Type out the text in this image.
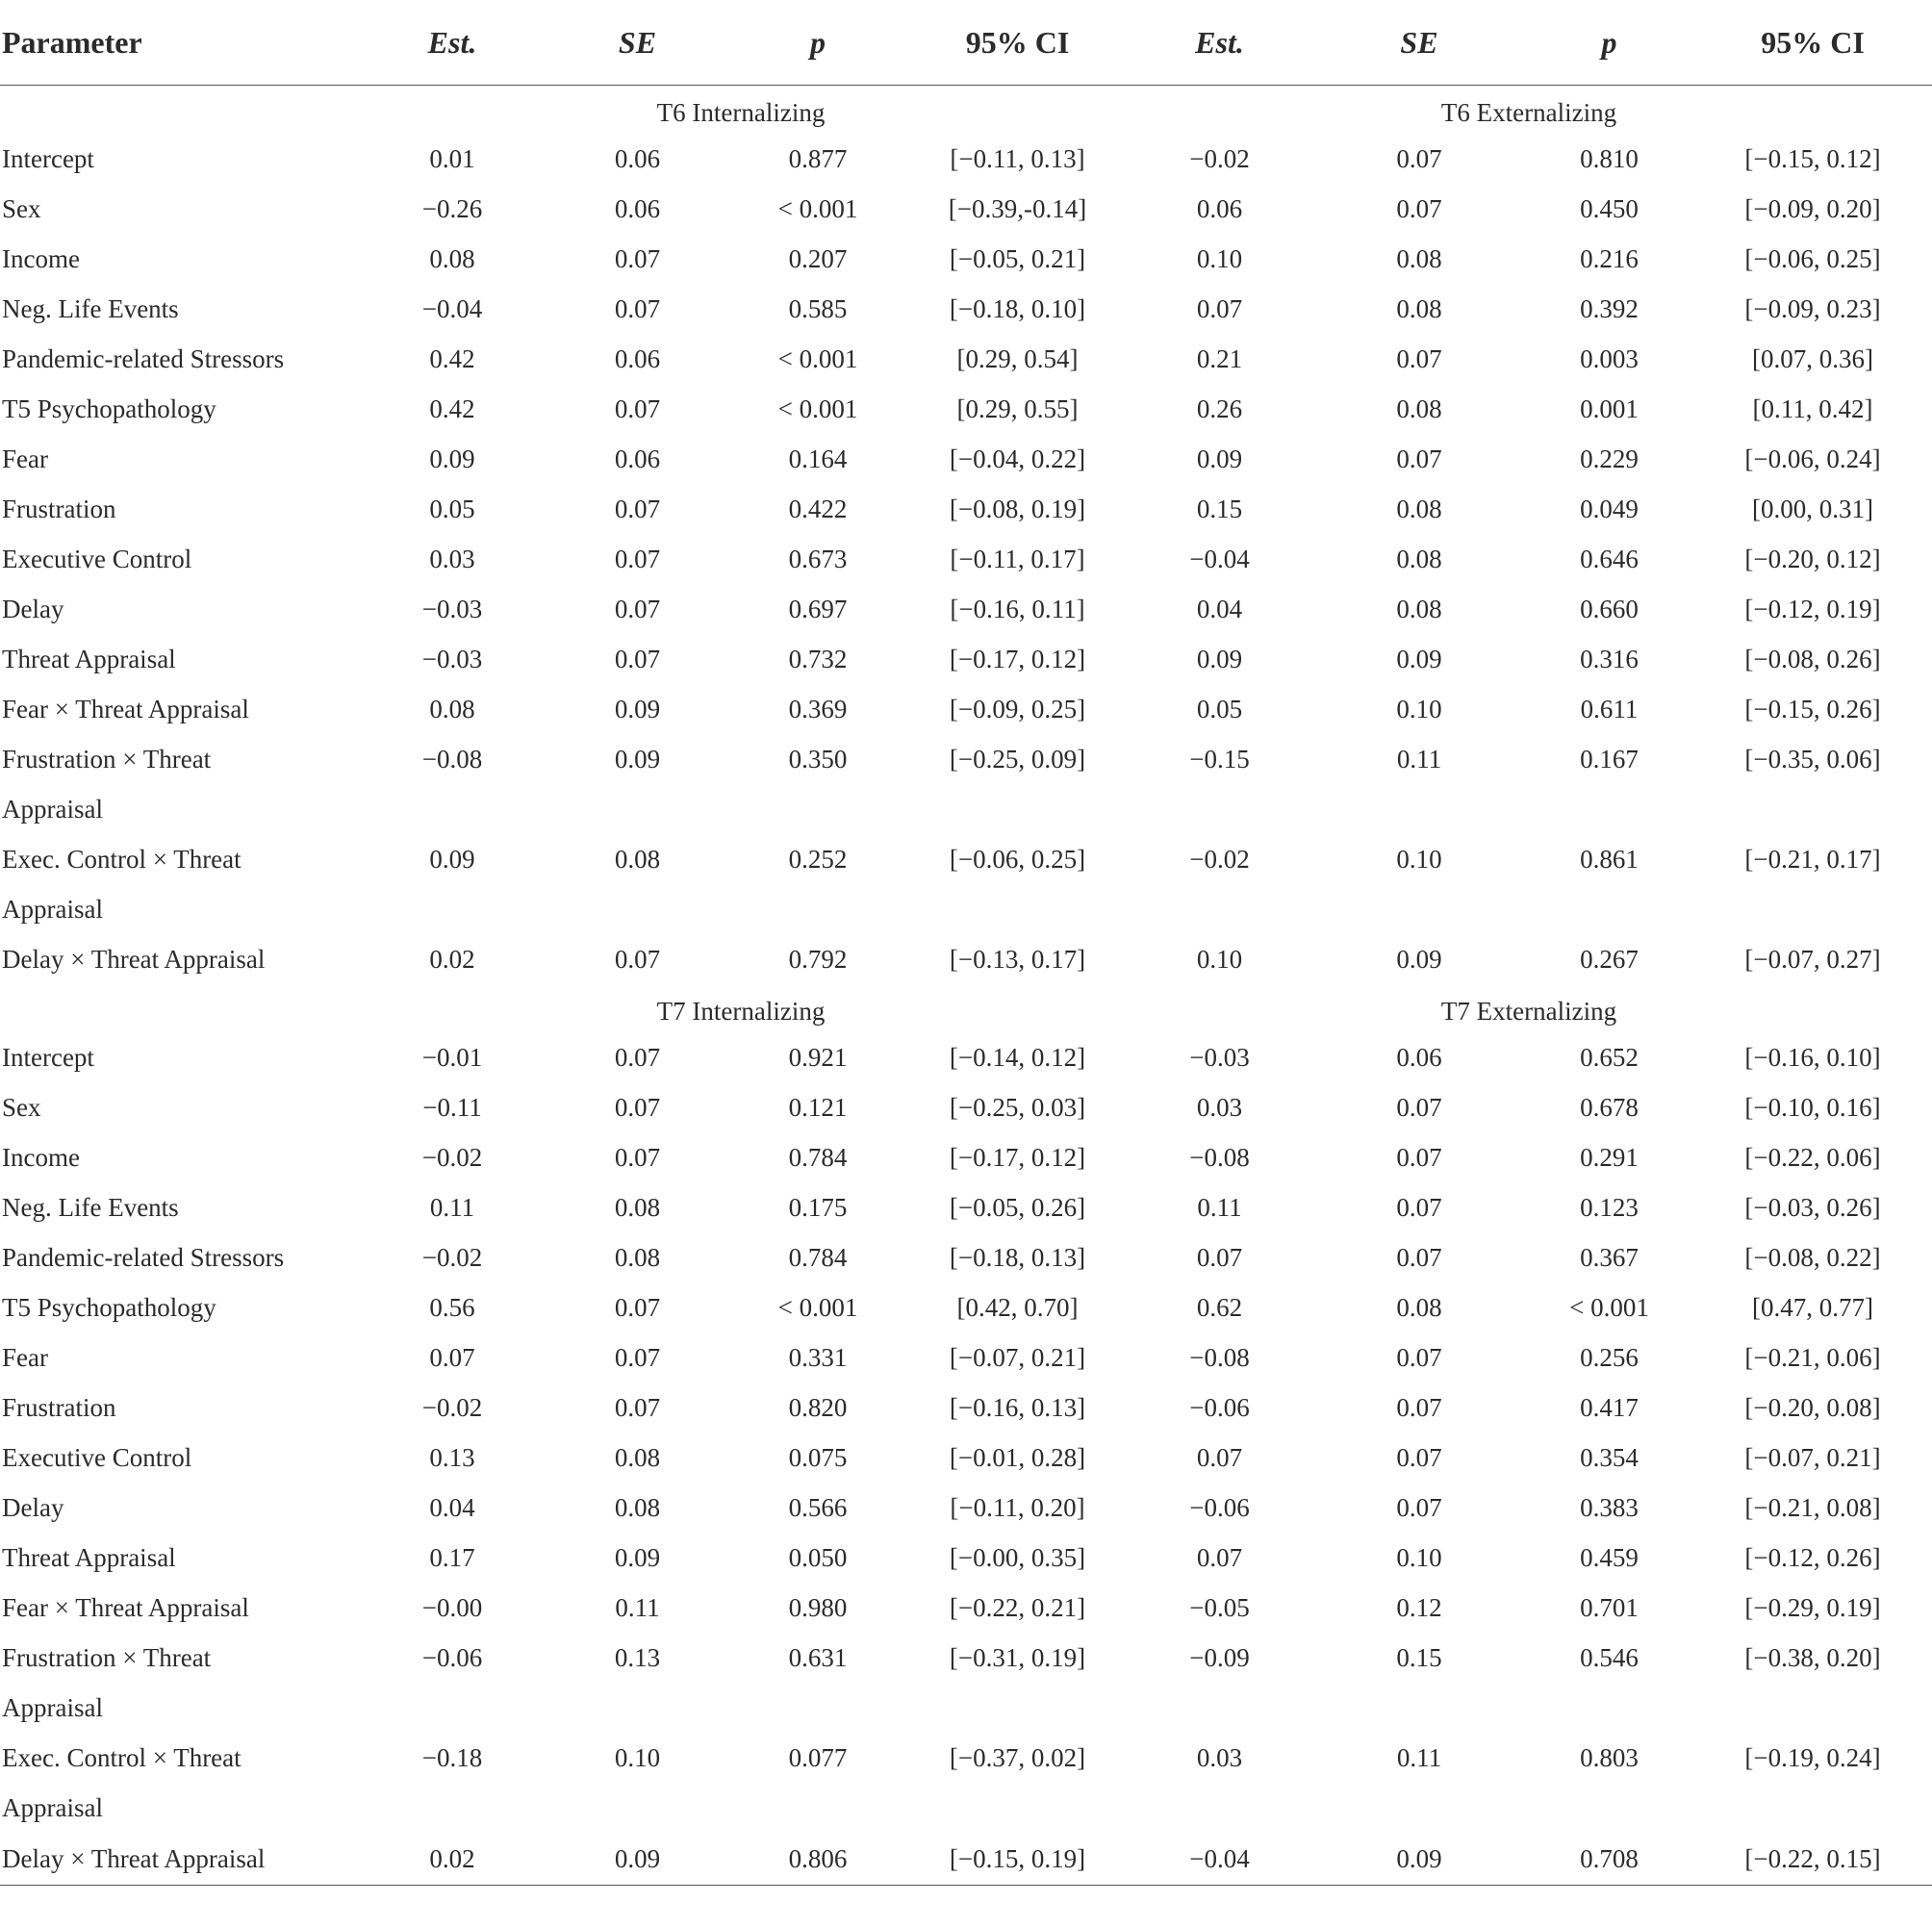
Parameter	Est.	SE	p	95% CI	Est.	SE	p	95% CI
	T6 Internalizing				T6 Externalizing			
Intercept	0.01	0.06	0.877	[−0.11, 0.13]	−0.02	0.07	0.810	[−0.15, 0.12]
Sex	−0.26	0.06	< 0.001	[−0.39,-0.14]	0.06	0.07	0.450	[−0.09, 0.20]
Income	0.08	0.07	0.207	[−0.05, 0.21]	0.10	0.08	0.216	[−0.06, 0.25]
Neg. Life Events	−0.04	0.07	0.585	[−0.18, 0.10]	0.07	0.08	0.392	[−0.09, 0.23]
Pandemic-related Stressors	0.42	0.06	< 0.001	[0.29, 0.54]	0.21	0.07	0.003	[0.07, 0.36]
T5 Psychopathology	0.42	0.07	< 0.001	[0.29, 0.55]	0.26	0.08	0.001	[0.11, 0.42]
Fear	0.09	0.06	0.164	[−0.04, 0.22]	0.09	0.07	0.229	[−0.06, 0.24]
Frustration	0.05	0.07	0.422	[−0.08, 0.19]	0.15	0.08	0.049	[0.00, 0.31]
Executive Control	0.03	0.07	0.673	[−0.11, 0.17]	−0.04	0.08	0.646	[−0.20, 0.12]
Delay	−0.03	0.07	0.697	[−0.16, 0.11]	0.04	0.08	0.660	[−0.12, 0.19]
Threat Appraisal	−0.03	0.07	0.732	[−0.17, 0.12]	0.09	0.09	0.316	[−0.08, 0.26]
Fear × Threat Appraisal	0.08	0.09	0.369	[−0.09, 0.25]	0.05	0.10	0.611	[−0.15, 0.26]
Frustration × Threat	−0.08	0.09	0.350	[−0.25, 0.09]	−0.15	0.11	0.167	[−0.35, 0.06]
Appraisal								
Exec. Control × Threat	0.09	0.08	0.252	[−0.06, 0.25]	−0.02	0.10	0.861	[−0.21, 0.17]
Appraisal								
Delay × Threat Appraisal	0.02	0.07	0.792	[−0.13, 0.17]	0.10	0.09	0.267	[−0.07, 0.27]
	T7 Internalizing				T7 Externalizing			
Intercept	−0.01	0.07	0.921	[−0.14, 0.12]	−0.03	0.06	0.652	[−0.16, 0.10]
Sex	−0.11	0.07	0.121	[−0.25, 0.03]	0.03	0.07	0.678	[−0.10, 0.16]
Income	−0.02	0.07	0.784	[−0.17, 0.12]	−0.08	0.07	0.291	[−0.22, 0.06]
Neg. Life Events	0.11	0.08	0.175	[−0.05, 0.26]	0.11	0.07	0.123	[−0.03, 0.26]
Pandemic-related Stressors	−0.02	0.08	0.784	[−0.18, 0.13]	0.07	0.07	0.367	[−0.08, 0.22]
T5 Psychopathology	0.56	0.07	< 0.001	[0.42, 0.70]	0.62	0.08	< 0.001	[0.47, 0.77]
Fear	0.07	0.07	0.331	[−0.07, 0.21]	−0.08	0.07	0.256	[−0.21, 0.06]
Frustration	−0.02	0.07	0.820	[−0.16, 0.13]	−0.06	0.07	0.417	[−0.20, 0.08]
Executive Control	0.13	0.08	0.075	[−0.01, 0.28]	0.07	0.07	0.354	[−0.07, 0.21]
Delay	0.04	0.08	0.566	[−0.11, 0.20]	−0.06	0.07	0.383	[−0.21, 0.08]
Threat Appraisal	0.17	0.09	0.050	[−0.00, 0.35]	0.07	0.10	0.459	[−0.12, 0.26]
Fear × Threat Appraisal	−0.00	0.11	0.980	[−0.22, 0.21]	−0.05	0.12	0.701	[−0.29, 0.19]
Frustration × Threat	−0.06	0.13	0.631	[−0.31, 0.19]	−0.09	0.15	0.546	[−0.38, 0.20]
Appraisal								
Exec. Control × Threat	−0.18	0.10	0.077	[−0.37, 0.02]	0.03	0.11	0.803	[−0.19, 0.24]
Appraisal								
Delay × Threat Appraisal	0.02	0.09	0.806	[−0.15, 0.19]	−0.04	0.09	0.708	[−0.22, 0.15]
